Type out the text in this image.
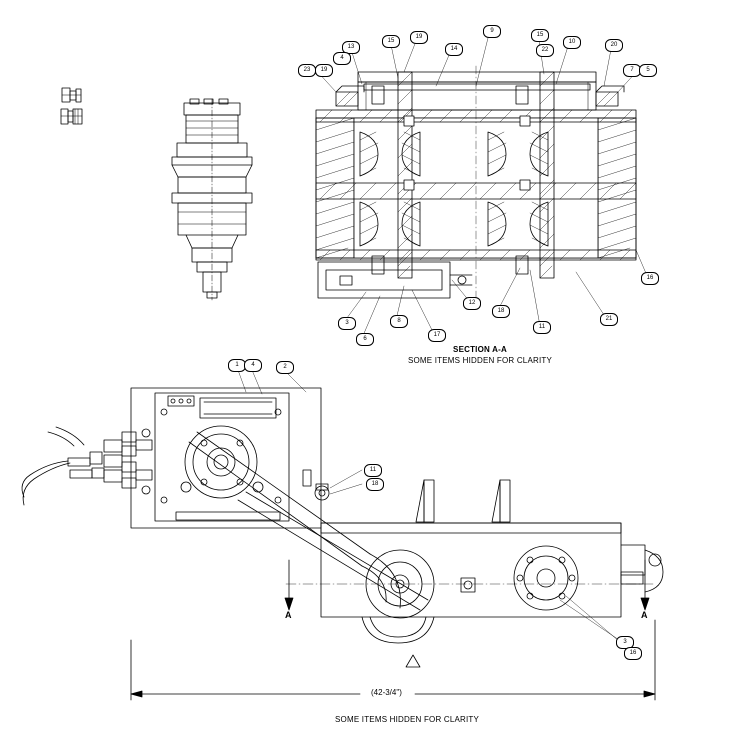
SECTION A-A
SOME ITEMS HIDDEN FOR CLARITY
SOME ITEMS HIDDEN FOR CLARITY
(42-3/4")
A	A
13
4
15
19
14
9
15
22
10	20
23	19	7	5
16
21
11
18
12
17
8
6
3
1	4	2
11
18
3
16
